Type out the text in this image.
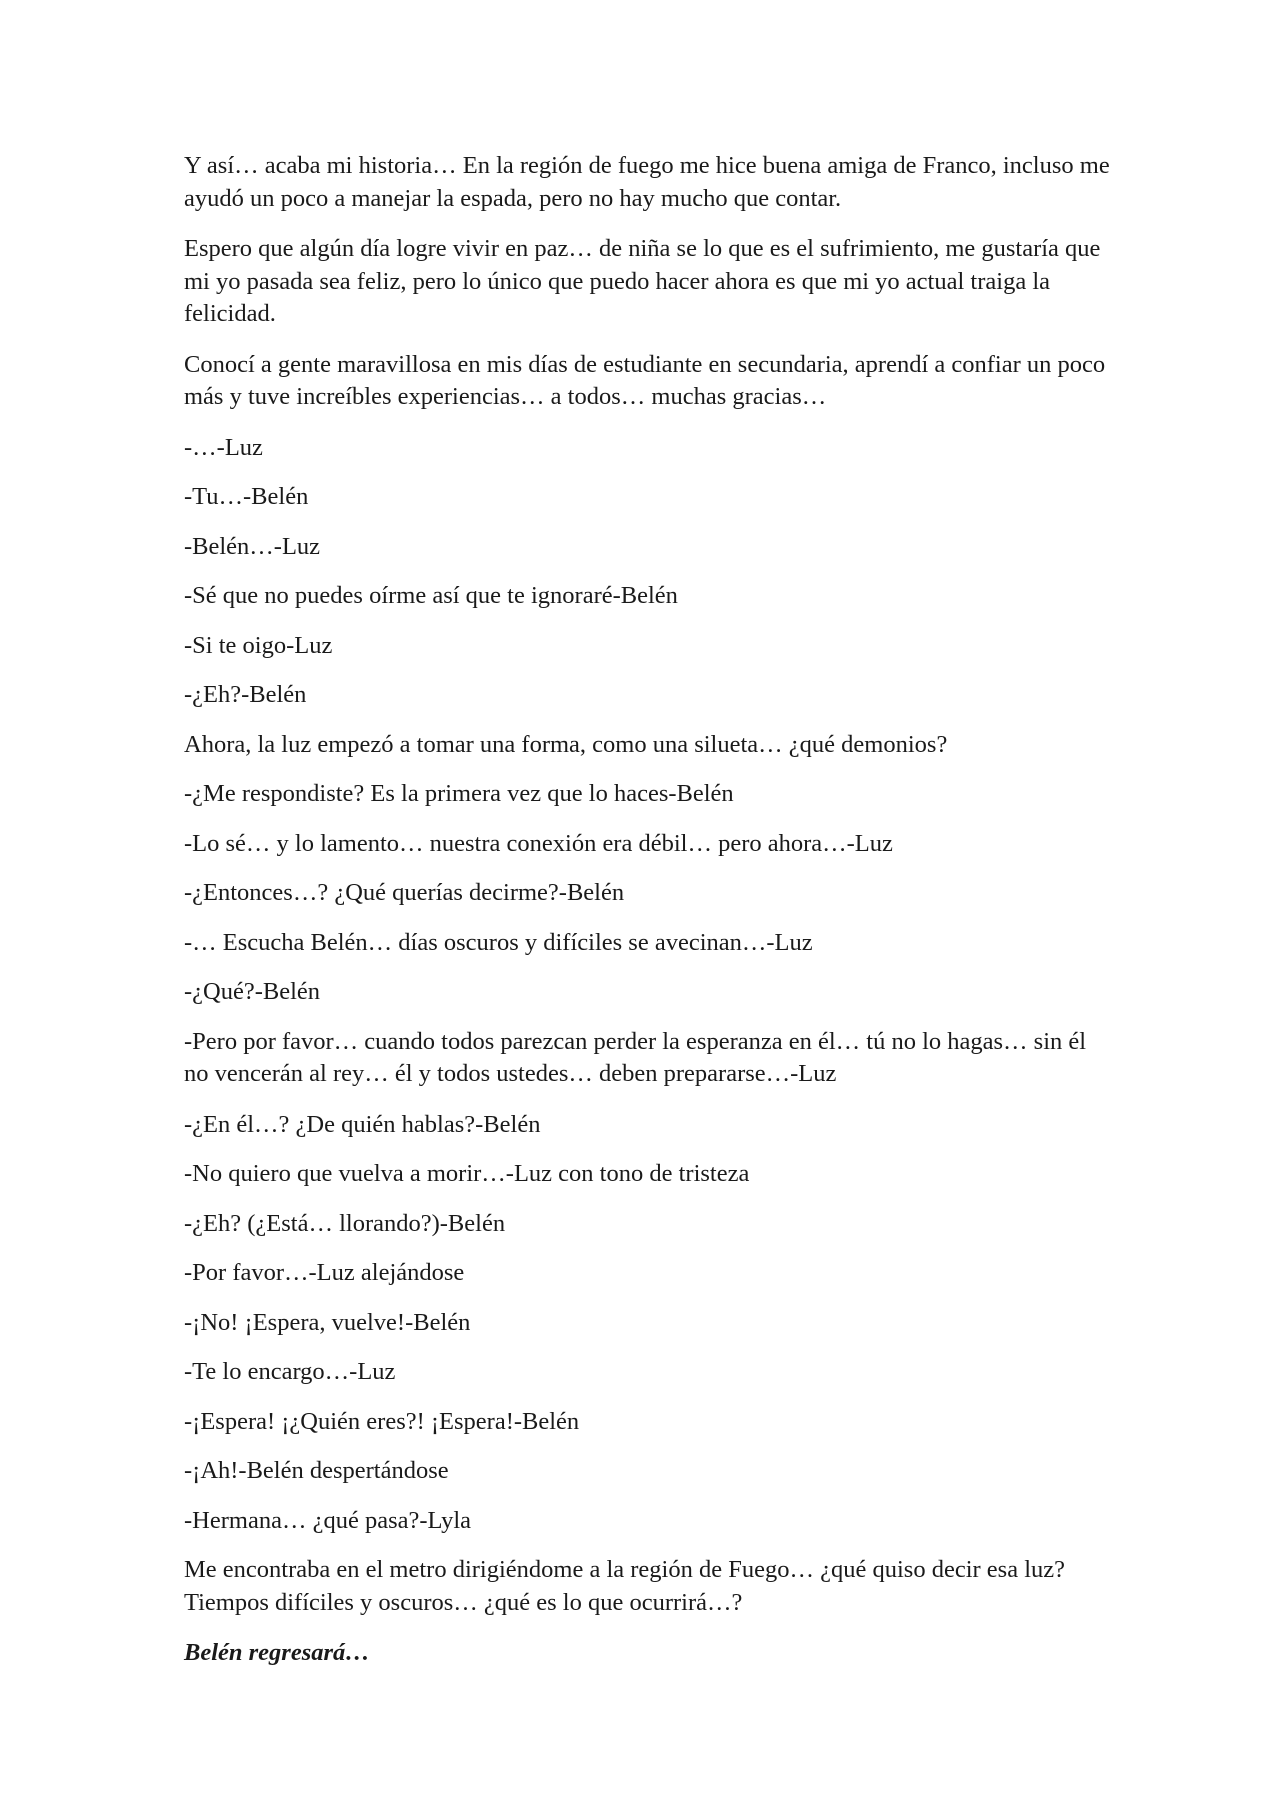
Y así… acaba mi historia… En la región de fuego me hice buena amiga de Franco, incluso me ayudó un poco a manejar la espada, pero no hay mucho que contar.

Espero que algún día logre vivir en paz… de niña se lo que es el sufrimiento, me gustaría que mi yo pasada sea feliz, pero lo único que puedo hacer ahora es que mi yo actual traiga la felicidad.

Conocí a gente maravillosa en mis días de estudiante en secundaria, aprendí a confiar un poco más y tuve increíbles experiencias… a todos… muchas gracias…

-…-Luz

-Tu…-Belén

-Belén…-Luz

-Sé que no puedes oírme así que te ignoraré-Belén

-Si te oigo-Luz

-¿Eh?-Belén

Ahora, la luz empezó a tomar una forma, como una silueta… ¿qué demonios?

-¿Me respondiste? Es la primera vez que lo haces-Belén

-Lo sé… y lo lamento… nuestra conexión era débil… pero ahora…-Luz

-¿Entonces…? ¿Qué querías decirme?-Belén

-… Escucha Belén… días oscuros y difíciles se avecinan…-Luz

-¿Qué?-Belén

-Pero por favor… cuando todos parezcan perder la esperanza en él… tú no lo hagas… sin él no vencerán al rey… él y todos ustedes… deben prepararse…-Luz

-¿En él…? ¿De quién hablas?-Belén

-No quiero que vuelva a morir…-Luz con tono de tristeza

-¿Eh? (¿Está… llorando?)-Belén

-Por favor…-Luz alejándose

-¡No! ¡Espera, vuelve!-Belén

-Te lo encargo…-Luz

-¡Espera! ¡¿Quién eres?! ¡Espera!-Belén

-¡Ah!-Belén despertándose

-Hermana… ¿qué pasa?-Lyla

Me encontraba en el metro dirigiéndome a la región de Fuego… ¿qué quiso decir esa luz? Tiempos difíciles y oscuros… ¿qué es lo que ocurrirá…?

Belén regresará…
